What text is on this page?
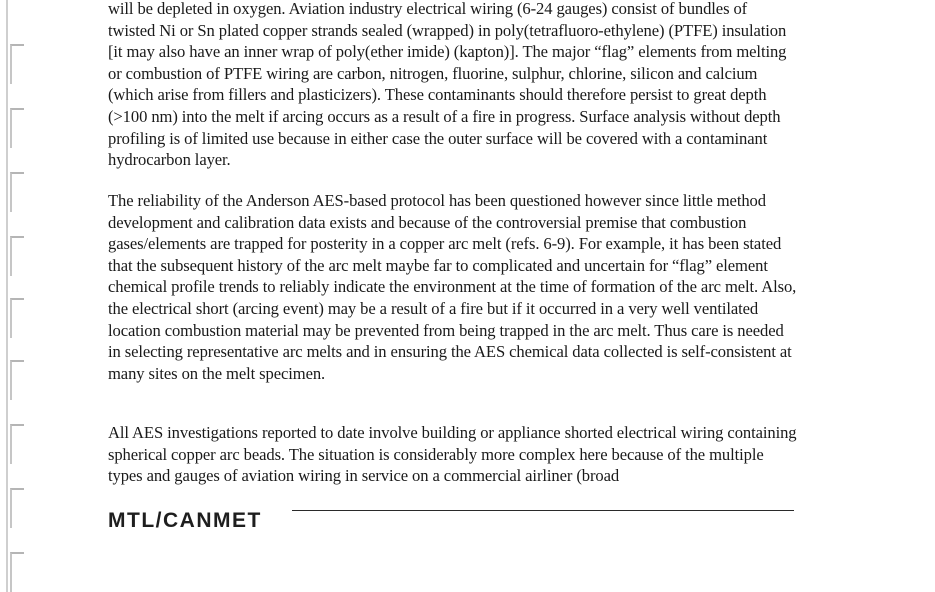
will be depleted in oxygen. Aviation industry electrical wiring (6-24 gauges) consist of bundles of twisted Ni or Sn plated copper strands sealed (wrapped) in poly(tetrafluoro-ethylene) (PTFE) insulation [it may also have an inner wrap of poly(ether imide) (kapton)]. The major “flag” elements from melting or combustion of PTFE wiring are carbon, nitrogen, fluorine, sulphur, chlorine, silicon and calcium (which arise from fillers and plasticizers). These contaminants should therefore persist to great depth (>100 nm) into the melt if arcing occurs as a result of a fire in progress. Surface analysis without depth profiling is of limited use because in either case the outer surface will be covered with a contaminant hydrocarbon layer.

The reliability of the Anderson AES-based protocol has been questioned however since little method development and calibration data exists and because of the controversial premise that combustion gases/elements are trapped for posterity in a copper arc melt (refs. 6-9). For example, it has been stated that the subsequent history of the arc melt maybe far to complicated and uncertain for “flag” element chemical profile trends to reliably indicate the environment at the time of formation of the arc melt. Also, the electrical short (arcing event) may be a result of a fire but if it occurred in a very well ventilated location combustion material may be prevented from being trapped in the arc melt. Thus care is needed in selecting representative arc melts and in ensuring the AES chemical data collected is self-consistent at many sites on the melt specimen.

All AES investigations reported to date involve building or appliance shorted electrical wiring containing spherical copper arc beads. The situation is considerably more complex here because of the multiple types and gauges of aviation wiring in service on a commercial airliner (broad

MTL/CANMET
